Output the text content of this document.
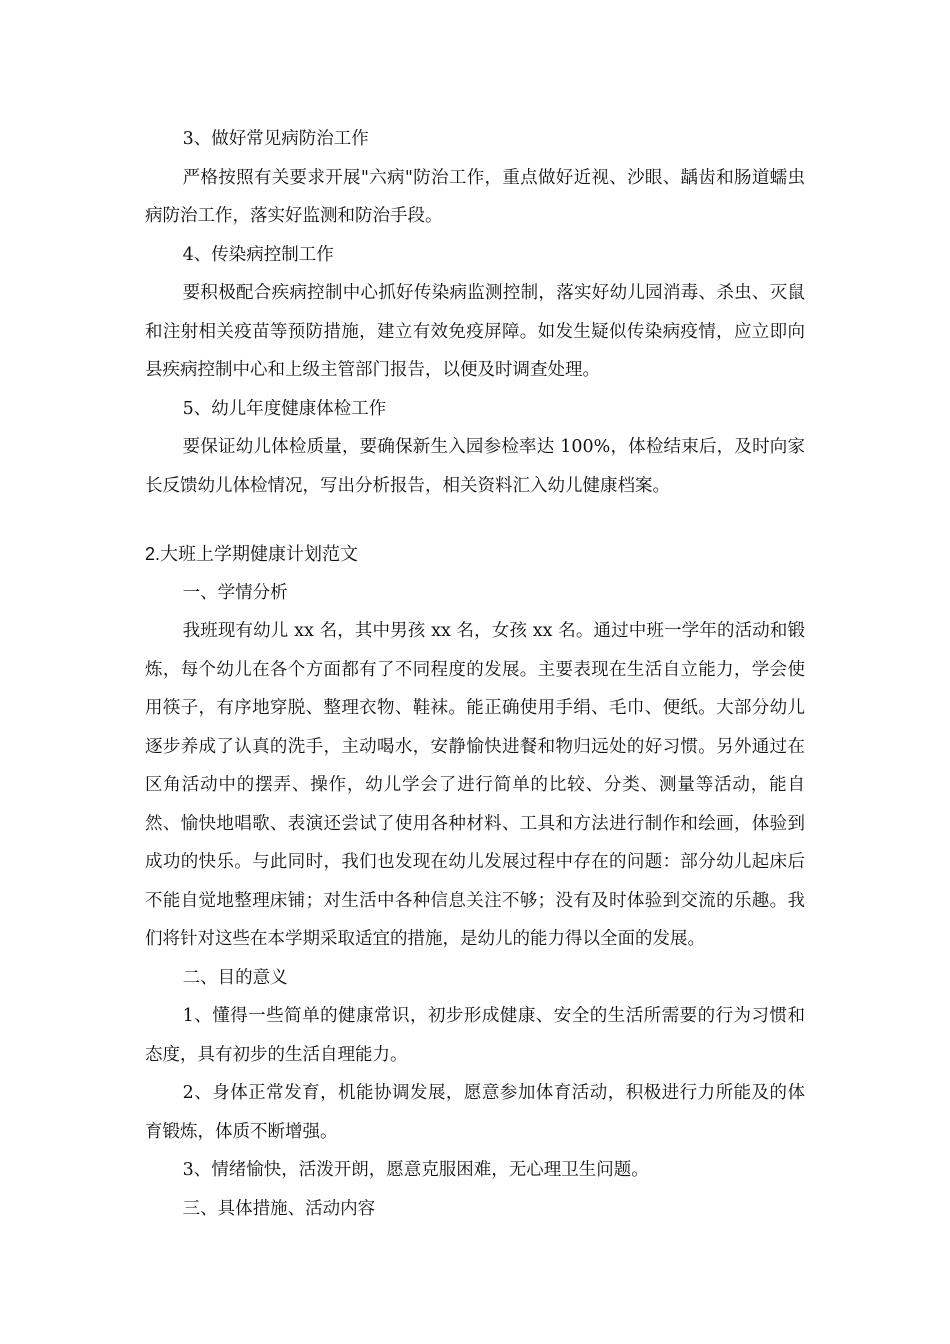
3、做好常见病防治工作

严格按照有关要求开展"六病"防治工作，重点做好近视、沙眼、龋齿和肠道蠕虫病防治工作，落实好监测和防治手段。

4、传染病控制工作

要积极配合疾病控制中心抓好传染病监测控制，落实好幼儿园消毒、杀虫、灭鼠和注射相关疫苗等预防措施，建立有效免疫屏障。如发生疑似传染病疫情，应立即向县疾病控制中心和上级主管部门报告，以便及时调查处理。

5、幼儿年度健康体检工作

要保证幼儿体检质量，要确保新生入园参检率达 100%，体检结束后，及时向家长反馈幼儿体检情况，写出分析报告，相关资料汇入幼儿健康档案。

2.大班上学期健康计划范文

一、学情分析

我班现有幼儿 xx 名，其中男孩 xx 名，女孩 xx 名。通过中班一学年的活动和锻炼，每个幼儿在各个方面都有了不同程度的发展。主要表现在生活自立能力，学会使用筷子，有序地穿脱、整理衣物、鞋袜。能正确使用手绢、毛巾、便纸。大部分幼儿逐步养成了认真的洗手，主动喝水，安静愉快进餐和物归远处的好习惯。另外通过在区角活动中的摆弄、操作，幼儿学会了进行简单的比较、分类、测量等活动，能自然、愉快地唱歌、表演还尝试了使用各种材料、工具和方法进行制作和绘画，体验到成功的快乐。与此同时，我们也发现在幼儿发展过程中存在的问题：部分幼儿起床后不能自觉地整理床铺；对生活中各种信息关注不够；没有及时体验到交流的乐趣。我们将针对这些在本学期采取适宜的措施，是幼儿的能力得以全面的发展。

二、目的意义

1、懂得一些简单的健康常识，初步形成健康、安全的生活所需要的行为习惯和态度，具有初步的生活自理能力。

2、身体正常发育，机能协调发展，愿意参加体育活动，积极进行力所能及的体育锻炼，体质不断增强。

3、情绪愉快，活泼开朗，愿意克服困难，无心理卫生问题。

三、具体措施、活动内容
